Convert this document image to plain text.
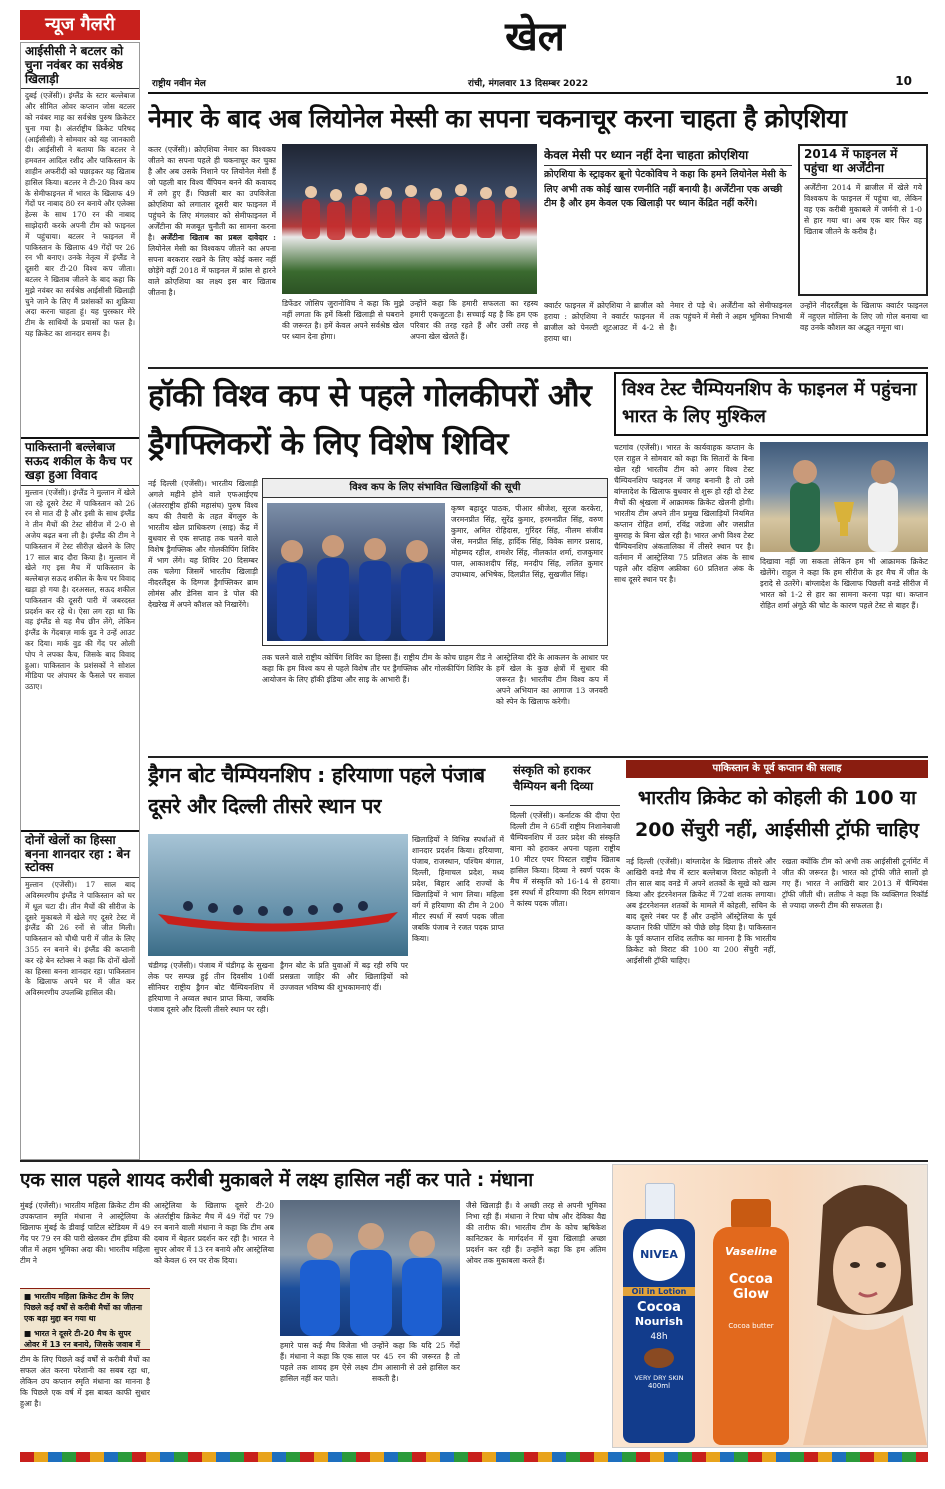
न्यूज गैलरी	खेल
राष्ट्रीय नवीन मेल	रांची, मंगलवार 13 दिसम्बर 2022	10
आईसीसी ने बटलर को चुना नवंबर का सर्वश्रेष्ठ खिलाड़ी
दुबई (एजेंसी)। इंग्लैंड के स्टार बल्लेबाज और सीमित ओवर कप्तान जोस बटलर को नवंबर माह का सर्वश्रेष्ठ पुरुष क्रिकेटर चुना गया है। अंतर्राष्ट्रीय क्रिकेट परिषद (आईसीसी) ने सोमवार को यह जानकारी दी। आईसीसी ने बताया कि बटलर ने हमवतन आदिल रशीद और पाकिस्तान के शाहीन अफरीदी को पछाड़कर यह खिताब हासिल किया। बटलर ने टी-20 विश्व कप के सेमीफाइनल में भारत के खिलाफ 49 गेंदों पर नाबाद 80 रन बनाये और एलेक्स हेल्स के साथ 170 रन की नाबाद साझेदारी करके अपनी टीम को फाइनल में पहुंचाया। बटलर ने फाइनल में पाकिस्तान के खिलाफ 49 गेंदों पर 26 रन भी बनाए। उनके नेतृत्व में इंग्लैंड ने दूसरी बार टी-20 विश्व कप जीता। बटलर ने खिताब जीतने के बाद कहा कि मुझे नवंबर का सर्वश्रेष्ठ आईसीसी खिलाड़ी चुने जाने के लिए मैं प्रशंसकों का शुक्रिया अदा करना चाहता हूं। यह पुरस्कार मेरे टीम के साथियों के प्रयासों का फल है। यह क्रिकेट का शानदार समय है।
पाकिस्तानी बल्लेबाज सऊद शकील के कैच पर खड़ा हुआ विवाद
मुल्तान (एजेंसी)। इंग्लैंड ने मुल्तान में खेले जा रहे दूसरे टेस्ट में पाकिस्तान को 26 रन से मात दी है और इसी के साथ इंग्लैंड ने तीन मैचों की टेस्ट सीरीज में 2-0 से अजेय बढ़त बना ली है। इंग्लैंड की टीम ने पाकिस्तान में टेस्ट सीरीज़ खेलने के लिए 17 साल बाद दौरा किया है। मुल्तान में खेले गए इस मैच में पाकिस्तान के बल्लेबाज़ सऊद शकील के कैच पर विवाद खड़ा हो गया है। दरअसल, सऊद शकील पाकिस्तान की दूसरी पारी में जबरदस्त प्रदर्शन कर रहे थे। ऐसा लग रहा था कि वह इंग्लैंड से यह मैच छीन लेंगे, लेकिन इंग्लैंड के गेंदबाज़ मार्क वुड ने उन्हें आउट कर दिया। मार्क वुड की गेंद पर ओली पोप ने लपका कैच, जिसके बाद विवाद हुआ। पाकिस्तान के प्रशंसकों ने सोशल मीडिया पर अंपायर के फैसले पर सवाल उठाए।
दोनों खेलों का हिस्सा बनना शानदार रहा : बेन स्टोक्स
मुल्तान (एजेंसी)। 17 साल बाद अविस्मरणीय इंग्लैंड ने पाकिस्तान को घर में धूल चटा दी। तीन मैचों की सीरीज के दूसरे मुकाबले में खेले गए दूसरे टेस्ट में इंग्लैंड की 26 रनों से जीत मिली। पाकिस्तान को चौथी पारी में जीत के लिए 355 रन बनाने थे। इंग्लैंड की कप्तानी कर रहे बेन स्टोक्स ने कहा कि दोनों खेलों का हिस्सा बनना शानदार रहा। पाकिस्तान के खिलाफ अपने घर में जीत कर अविस्मरणीय उपलब्धि हासिल की।
नेमार के बाद अब लियोनेल मेस्सी का सपना चकनाचूर करना चाहता है क्रोएशिया
कतर (एजेंसी)। क्रोएशिया नेमार का विश्वकप जीतने का सपना पहले ही चकनाचूर कर चुका है और अब उसके निशाने पर लियोनेल मेसी हैं जो पहली बार विश्व चैंपियन बनने की कवायद में लगे हुए हैं। पिछली बार का उपविजेता क्रोएशिया को लगातार दूसरी बार फाइनल में पहुंचने के लिए मंगलवार को सेमीफाइनल में अर्जेंटीना की मजबूत चुनौती का सामना करना है। अर्जेंटीना खिताब का प्रबल दावेदार : लियोनेल मेसी का विश्वकप जीतने का अपना सपना बरकरार रखने के लिए कोई कसर नहीं छोड़ेंगे वहीं 2018 में फाइनल में फ्रांस से हारने वाले क्रोएशिया का लक्ष्य इस बार खिताब जीतना है।
डिफेंडर जोसिप जुरानोविच ने कहा कि मुझे नहीं लगता कि हमें किसी खिलाड़ी से घबराने की जरूरत है। हमें केवल अपने सर्वश्रेष्ठ खेल पर ध्यान देना होगा।
उन्होंने कहा कि हमारी सफलता का रहस्य हमारी एकजुटता है। सच्चाई यह है कि हम एक परिवार की तरह रहते हैं और उसी तरह से अपना खेल खेलते हैं।
केवल मेसी पर ध्यान नहीं देना चाहता क्रोएशिया
क्रोएशिया के स्ट्राइकर ब्रूनो पेटकोविच ने कहा कि हमने लियोनेल मेसी के लिए अभी तक कोई खास रणनीति नहीं बनायी है। अर्जेंटीना एक अच्छी टीम है और हम केवल एक खिलाड़ी पर ध्यान केंद्रित नहीं करेंगे।
क्वार्टर फाइनल में क्रोएशिया ने ब्राजील को हराया : क्रोएशिया ने क्वार्टर फाइनल में ब्राजील को पेनल्टी शूटआउट में 4-2 से हराया था।
नेमार रो पड़े थे। अर्जेंटीना को सेमीफाइनल तक पहुंचने में मेसी ने अहम भूमिका निभायी है।
उन्होंने नीदरलैंड्स के खिलाफ क्वार्टर फाइनल में नहुएल मोलिना के लिए जो गोल बनाया था वह उनके कौशल का अद्भुत नमूना था।
2014 में फाइनल में पहुंचा था अर्जेंटीना
अर्जेंटीना 2014 में ब्राजील में खेले गये विश्वकप के फाइनल में पहुंचा था, लेकिन वह एक करीबी मुकाबले में जर्मनी से 1-0 से हार गया था। अब एक बार फिर वह खिताब जीतने के करीब है।
हॉकी विश्व कप से पहले गोलकीपरों और ड्रैगफ्लिकरों के लिए विशेष शिविर
नई दिल्ली (एजेंसी)। भारतीय खिलाड़ी अगले महीने होने वाले एफआईएच (अंतरराष्ट्रीय हॉकी महासंघ) पुरुष विश्व कप की तैयारी के तहत बेंगलुरु के भारतीय खेल प्राधिकरण (साइ) केंद्र में बुधवार से एक सप्ताह तक चलने वाले विशेष ड्रैगफ्लिक और गोलकीपिंग शिविर में भाग लेंगे। यह शिविर 20 दिसम्बर तक चलेगा जिसमें भारतीय खिलाड़ी नीदरलैंड्स के दिग्गज ड्रैगफ्लिकर ब्राम लोमंस और डेनिस वान डे पोल की देखरेख में अपने कौशल को निखारेंगे।
विश्व कप के लिए संभावित खिलाड़ियों की सूची
कृष्ण बहादुर पाठक, पीआर श्रीजेश, सूरज करकेरा, जरमनप्रीत सिंह, सुरेंद्र कुमार, हरमनप्रीत सिंह, वरुण कुमार, अमित रोहिदास, गुरिंदर सिंह, नीलम संजीव जेस, मनप्रीत सिंह, हार्दिक सिंह, विवेक सागर प्रसाद, मोहम्मद रहील, शमशेर सिंह, नीलकांत शर्मा, राजकुमार पाल, आकाशदीप सिंह, मनदीप सिंह, ललित कुमार उपाध्याय, अभिषेक, दिलप्रीत सिंह, सुखजीत सिंह।
तक चलने वाले राष्ट्रीय कोचिंग शिविर का हिस्सा हैं। राष्ट्रीय टीम के कोच ग्राहम रीड ने कहा कि हम विश्व कप से पहले विशेष तौर पर ड्रैगफ्लिक और गोलकीपिंग शिविर के आयोजन के लिए हॉकी इंडिया और साइ के आभारी हैं।
आस्ट्रेलिया दौरे के आकलन के आधार पर हमें खेल के कुछ क्षेत्रों में सुधार की जरूरत है। भारतीय टीम विश्व कप में अपने अभियान का आगाज 13 जनवरी को स्पेन के खिलाफ करेगी।
विश्व टेस्ट चैम्पियनशिप के फाइनल में पहुंचना भारत के लिए मुश्किल
चटगांव (एजेंसी)। भारत के कार्यवाहक कप्तान के एल राहुल ने सोमवार को कहा कि सितारों के बिना खेल रही भारतीय टीम को अगर विश्व टेस्ट चैम्पियनशिप फाइनल में जगह बनानी है तो उसे बांग्लादेश के खिलाफ बुधवार से शुरू हो रही दो टेस्ट मैचों की श्रृंखला में आक्रामक क्रिकेट खेलनी होगी। भारतीय टीम अपने तीन प्रमुख खिलाड़ियों नियमित कप्तान रोहित शर्मा, रविंद्र जडेजा और जसप्रीत बुमराह के बिना खेल रही है। भारत अभी विश्व टेस्ट चैम्पियनशिप अंकतालिका में तीसरे स्थान पर है। वर्तमान में आस्ट्रेलिया 75 प्रतिशत अंक के साथ पहले और दक्षिण अफ्रीका 60 प्रतिशत अंक के साथ दूसरे स्थान पर है।
दिखावा नहीं जा सकता लेकिन हम भी आक्रामक क्रिकेट खेलेंगे। राहुल ने कहा कि हम सीरीज के हर मैच में जीत के इरादे से उतरेंगे। बांग्लादेश के खिलाफ पिछली वनडे सीरीज में भारत को 1-2 से हार का सामना करना पड़ा था। कप्तान रोहित शर्मा अंगूठे की चोट के कारण पहले टेस्ट से बाहर हैं।
ड्रैगन बोट चैम्पियनशिप : हरियाणा पहले पंजाब दूसरे और दिल्ली तीसरे स्थान पर
चंडीगढ़ (एजेंसी)। पंजाब में चंडीगढ़ के सुखना लेक पर सम्पन्न हुई तीन दिवसीय 10वीं सीनियर राष्ट्रीय ड्रैगन बोट चैम्पियनशिप में हरियाणा ने अव्वल स्थान प्राप्त किया, जबकि पंजाब दूसरे और दिल्ली तीसरे स्थान पर रही।
ड्रैगन बोट के प्रति युवाओं में बढ़ रही रुचि पर प्रसन्नता जाहिर की और खिलाड़ियों को उज्जवल भविष्य की शुभकामनाएं दीं।
खिलाड़ियों ने विभिन्न स्पर्धाओं में शानदार प्रदर्शन किया। हरियाणा, पंजाब, राजस्थान, पश्चिम बंगाल, दिल्ली, हिमाचल प्रदेश, मध्य प्रदेश, बिहार आदि राज्यों के खिलाड़ियों ने भाग लिया। महिला वर्ग में हरियाणा की टीम ने 200 मीटर स्पर्धा में स्वर्ण पदक जीता जबकि पंजाब ने रजत पदक प्राप्त किया।
संस्कृति को हराकर चैम्पियन बनी दिव्या
दिल्ली (एजेंसी)। कर्नाटक की दीपा ऐरा दिल्ली टीम ने 65वीं राष्ट्रीय निशानेबाजी चैम्पियनशिप में उतर प्रदेश की संस्कृति बाना को हराकर अपना पहला राष्ट्रीय 10 मीटर एयर पिस्टल राष्ट्रीय खिताब हासिल किया। दिव्या ने स्वर्ण पदक के मैच में संस्कृति को 16-14 से हराया। इस स्पर्धा में हरियाणा की रिदम सांगवान ने कांस्य पदक जीता।
पाकिस्तान के पूर्व कप्तान की सलाह
भारतीय क्रिकेट को कोहली की 100 या 200 सेंचुरी नहीं, आईसीसी ट्रॉफी चाहिए
नई दिल्ली (एजेंसी)। बांग्लादेश के खिलाफ तीसरे और आखिरी वनडे मैच में स्टार बल्लेबाज विराट कोहली ने तीन साल बाद वनडे में अपने शतकों के सूखे को खत्म किया और इंटरनेशनल क्रिकेट में 72वां शतक लगाया। अब इंटरनेशनल शतकों के मामले में कोहली, सचिन के बाद दूसरे नंबर पर हैं और उन्होंने ऑस्ट्रेलिया के पूर्व कप्तान रिकी पोंटिंग को पीछे छोड़ दिया है। पाकिस्तान के पूर्व कप्तान राशिद लतीफ का मानना है कि भारतीय क्रिकेट को विराट की 100 या 200 सेंचुरी नहीं, आईसीसी ट्रॉफी चाहिए।
रखता क्योंकि टीम को अभी तक आईसीसी टूर्नामेंट में जीत की जरूरत है। भारत को ट्रॉफी जीते सालों हो गए हैं। भारत ने आखिरी बार 2013 में चैम्पियंस ट्रॉफी जीती थी। लतीफ ने कहा कि व्यक्तिगत रिकॉर्ड से ज्यादा जरूरी टीम की सफलता है।
एक साल पहले शायद करीबी मुकाबले में लक्ष्य हासिल नहीं कर पाते : मंधाना
मुंबई (एजेंसी)। भारतीय महिला क्रिकेट टीम की उपकप्तान स्मृति मंधाना ने आस्ट्रेलिया के खिलाफ मुंबई के डीवाई पाटिल स्टेडियम में 49 गेंद पर 79 रन की पारी खेलकर टीम इंडिया की जीत में अहम भूमिका अदा की। भारतीय महिला टीम ने
■ भारतीय महिला क्रिकेट टीम के लिए पिछले कई वर्षों से करीबी मैचों का जीतना एक बड़ा मुद्दा बन गया था
■ भारत ने दूसरे टी-20 मैच के सुपर ओवर में 13 रन बनाये, जिसके जवाब में
टीम के लिए पिछले कई वर्षों से करीबी मैचों का सफल अंत करना परेशानी का सबब रहा था, लेकिन उप कप्तान स्मृति मंधाना का मानना है कि पिछले एक वर्ष में इस बाबत काफी सुधार हुआ है।
आस्ट्रेलिया के खिलाफ दूसरे टी-20 अंतर्राष्ट्रीय क्रिकेट मैच में 49 गेंदों पर 79 रन बनाने वाली मंधाना ने कहा कि टीम अब दबाव में बेहतर प्रदर्शन कर रही है। भारत ने सुपर ओवर में 13 रन बनाये और आस्ट्रेलिया को केवल 6 रन पर रोक दिया।
हमारे पास कई मैच विजेता भी हैं। मंधाना ने कहा कि एक साल पहले तक शायद हम ऐसे लक्ष्य हासिल नहीं कर पाते।
उन्होंने कहा कि यदि 25 गेंदों पर 45 रन की जरूरत है तो टीम आसानी से उसे हासिल कर सकती है।
जैसे खिलाड़ी हैं। वे अच्छी तरह से अपनी भूमिका निभा रही हैं। मंधाना ने रिचा घोष और देविका वैद्य की तारीफ की। भारतीय टीम के कोच ऋषिकेश कानिटकर के मार्गदर्शन में युवा खिलाड़ी अच्छा प्रदर्शन कर रही हैं। उन्होंने कहा कि हम अंतिम ओवर तक मुकाबला करते हैं।	NIVEA
Oil in Lotion
Cocoa
Nourish
48h
VERY DRY SKIN
400ml
Vaseline
Cocoa
Glow
Cocoa butter
